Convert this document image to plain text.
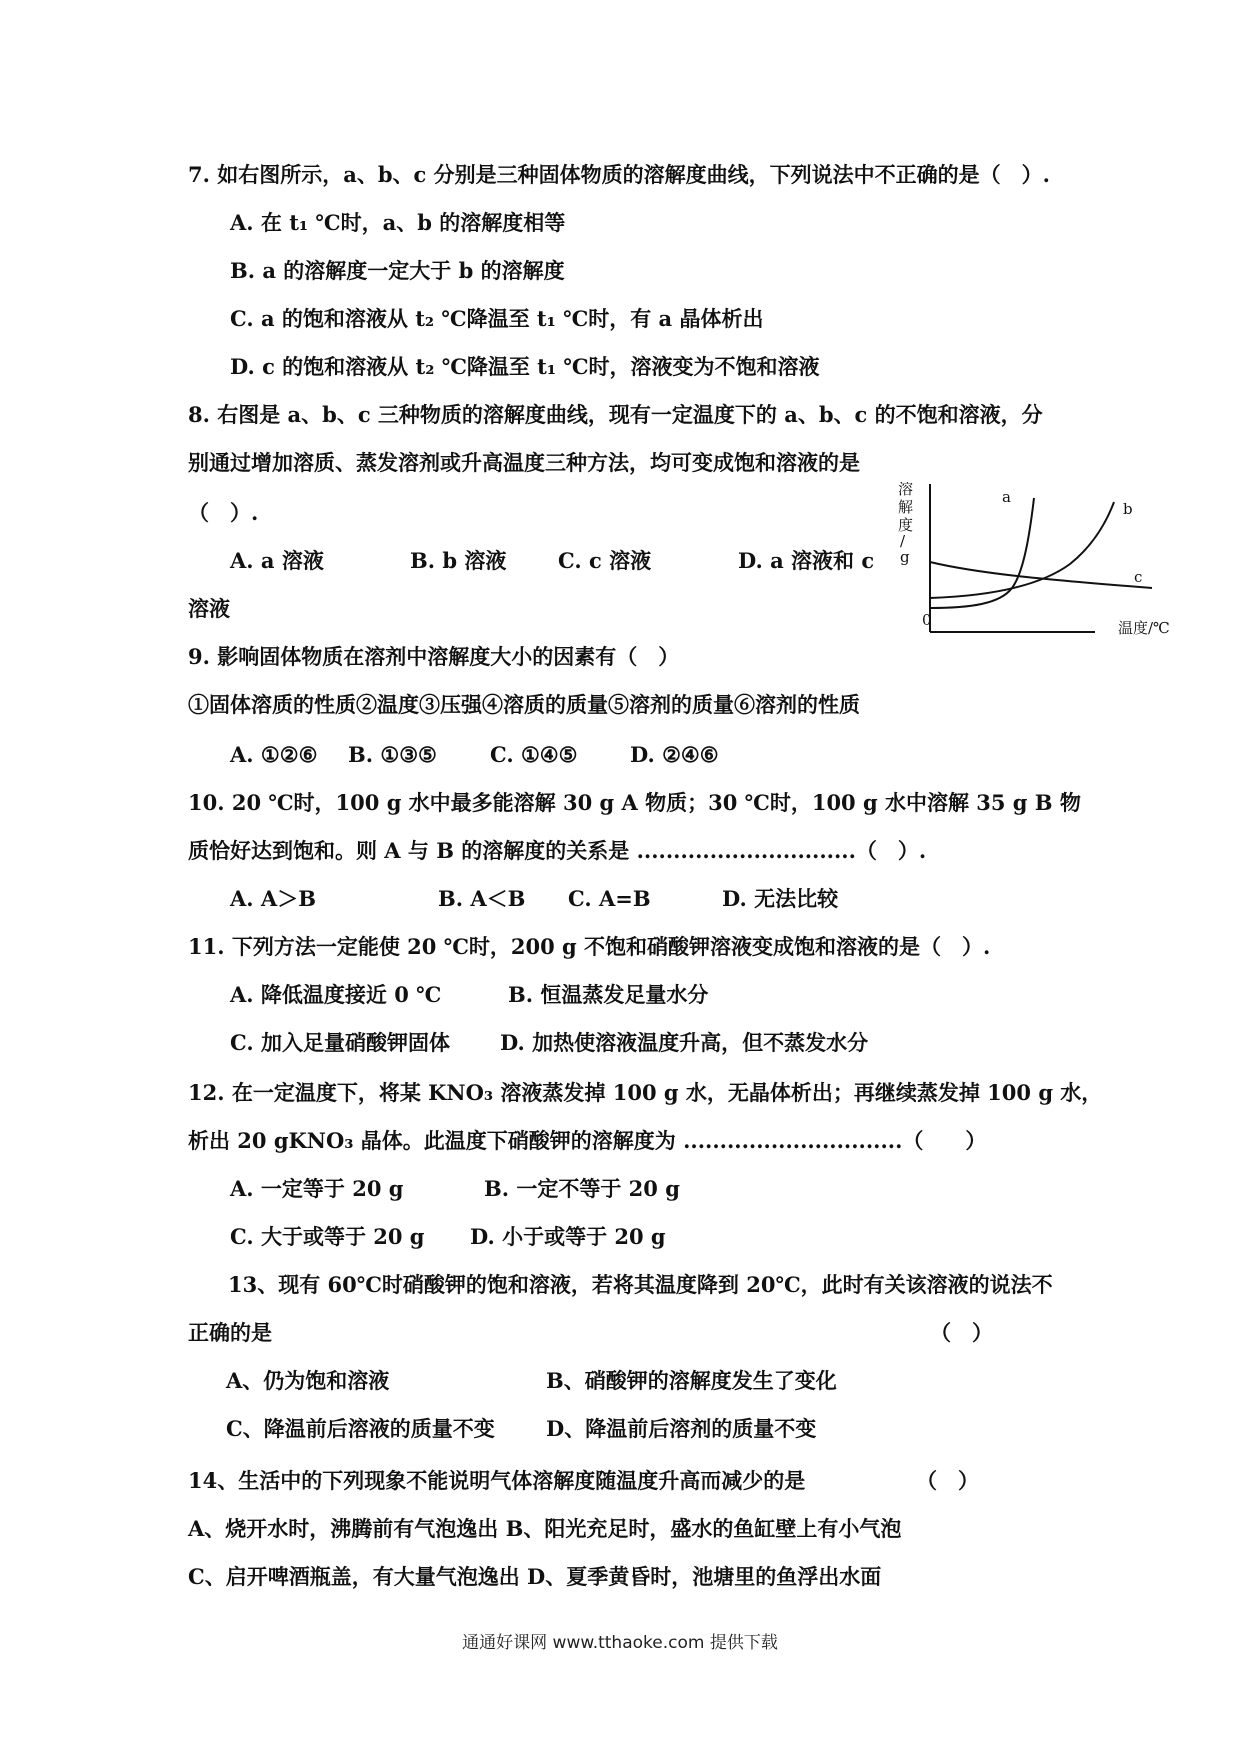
7. 如右图所示，a、b、c 分别是三种固体物质的溶解度曲线，下列说法中不正确的是（　）.
A. 在 t₁ ℃时，a、b 的溶解度相等
B. a 的溶解度一定大于 b 的溶解度
C. a 的饱和溶液从 t₂ ℃降温至 t₁ ℃时，有 a 晶体析出
D. c 的饱和溶液从 t₂ ℃降温至 t₁ ℃时，溶液变为不饱和溶液
8. 右图是 a、b、c 三种物质的溶解度曲线，现有一定温度下的 a、b、c 的不饱和溶液，分
别通过增加溶质、蒸发溶剂或升高温度三种方法，均可变成饱和溶液的是
（　）.
A. a 溶液	B. b 溶液 C. c 溶液	D. a 溶液和 c
溶液
溶
解
度
/
g
0	温度/℃
a
b
c
9. 影响固体物质在溶剂中溶解度大小的因素有（　）
①固体溶质的性质②温度③压强④溶质的质量⑤溶剂的质量⑥溶剂的性质
A. ①②⑥ B. ①③⑤	C. ①④⑤	D. ②④⑥
10. 20 ℃时，100 g 水中最多能溶解 30 g A 物质；30 ℃时，100 g 水中溶解 35 g B 物
质恰好达到饱和。则 A 与 B 的溶解度的关系是 ..............................（　）.
A. A＞B	B. A＜B C. A=B	D. 无法比较
11. 下列方法一定能使 20 ℃时，200 g 不饱和硝酸钾溶液变成饱和溶液的是（　）.
A. 降低温度接近 0 ℃	B. 恒温蒸发足量水分
C. 加入足量硝酸钾固体 D. 加热使溶液温度升高，但不蒸发水分
12. 在一定温度下，将某 KNO₃ 溶液蒸发掉 100 g 水，无晶体析出；再继续蒸发掉 100 g 水，
析出 20 gKNO₃ 晶体。此温度下硝酸钾的溶解度为 ..............................（　　）
A. 一定等于 20 g	B. 一定不等于 20 g
C. 大于或等于 20 g D. 小于或等于 20 g
13、现有 60℃时硝酸钾的饱和溶液，若将其温度降到 20℃，此时有关该溶液的说法不
正确的是	（　）
A、仍为饱和溶液	B、硝酸钾的溶解度发生了变化
C、降温前后溶液的质量不变 D、降温前后溶剂的质量不变
14、生活中的下列现象不能说明气体溶解度随温度升高而减少的是	（　）
A、烧开水时，沸腾前有气泡逸出 B、阳光充足时，盛水的鱼缸壁上有小气泡
C、启开啤酒瓶盖，有大量气泡逸出 D、夏季黄昏时，池塘里的鱼浮出水面
通通好课网 www.tthaoke.com 提供下载
